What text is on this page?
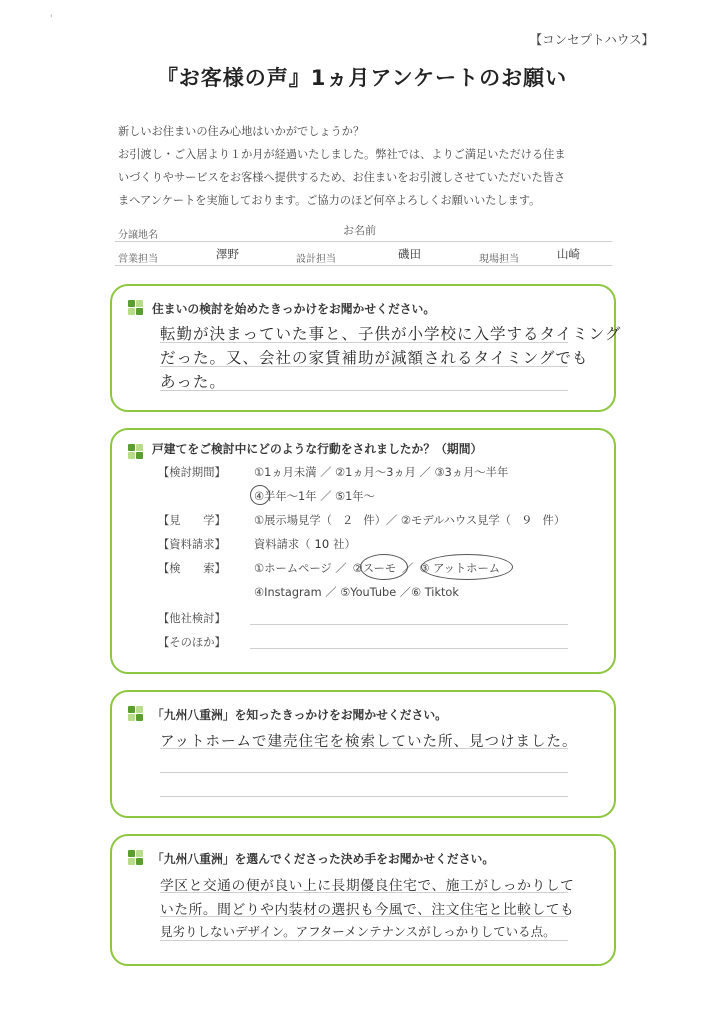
'
【コンセプトハウス】
『お客様の声』1ヵ月アンケートのお願い
新しいお住まいの住み心地はいかがでしょうか？
お引渡し・ご入居より１か月が経過いたしました。弊社では、よりご満足いただける住ま
いづくりやサービスをお客様へ提供するため、お住まいをお引渡しさせていただいた皆さ
まへアンケートを実施しております。ご協力のほど何卒よろしくお願いいたします。
分譲地名	お名前
営業担当	澤野	設計担当	磯田	現場担当	山崎
住まいの検討を始めたきっかけをお聞かせください。
転勤が決まっていた事と、子供が小学校に入学するタイミング
だった。又、会社の家賃補助が減額されるタイミングでも
あった。
戸建てをご検討中にどのような行動をされましたか？（期間）
【検討期間】 ①1ヵ月未満 ／ ②1ヵ月〜3ヵ月 ／ ③3ヵ月〜半年
④半年〜1年 ／ ⑤1年〜
【見　　学】 ①展示場見学（ ２ 件）／ ②モデルハウス見学（ ９ 件）
【資料請求】 資料請求（ 10 社）
【検　　索】 ①ホームページ ／ ②スーモ ／ ③ アットホーム
④Instagram ／ ⑤YouTube ／⑥ Tiktok
【他社検討】
【そのほか】
「九州八重洲」を知ったきっかけをお聞かせください。
アットホームで建売住宅を検索していた所、見つけました。
「九州八重洲」を選んでくださった決め手をお聞かせください。
学区と交通の便が良い上に長期優良住宅で、施工がしっかりして
いた所。間どりや内装材の選択も今風で、注文住宅と比較しても
見劣りしないデザイン。アフターメンテナンスがしっかりしている点。
